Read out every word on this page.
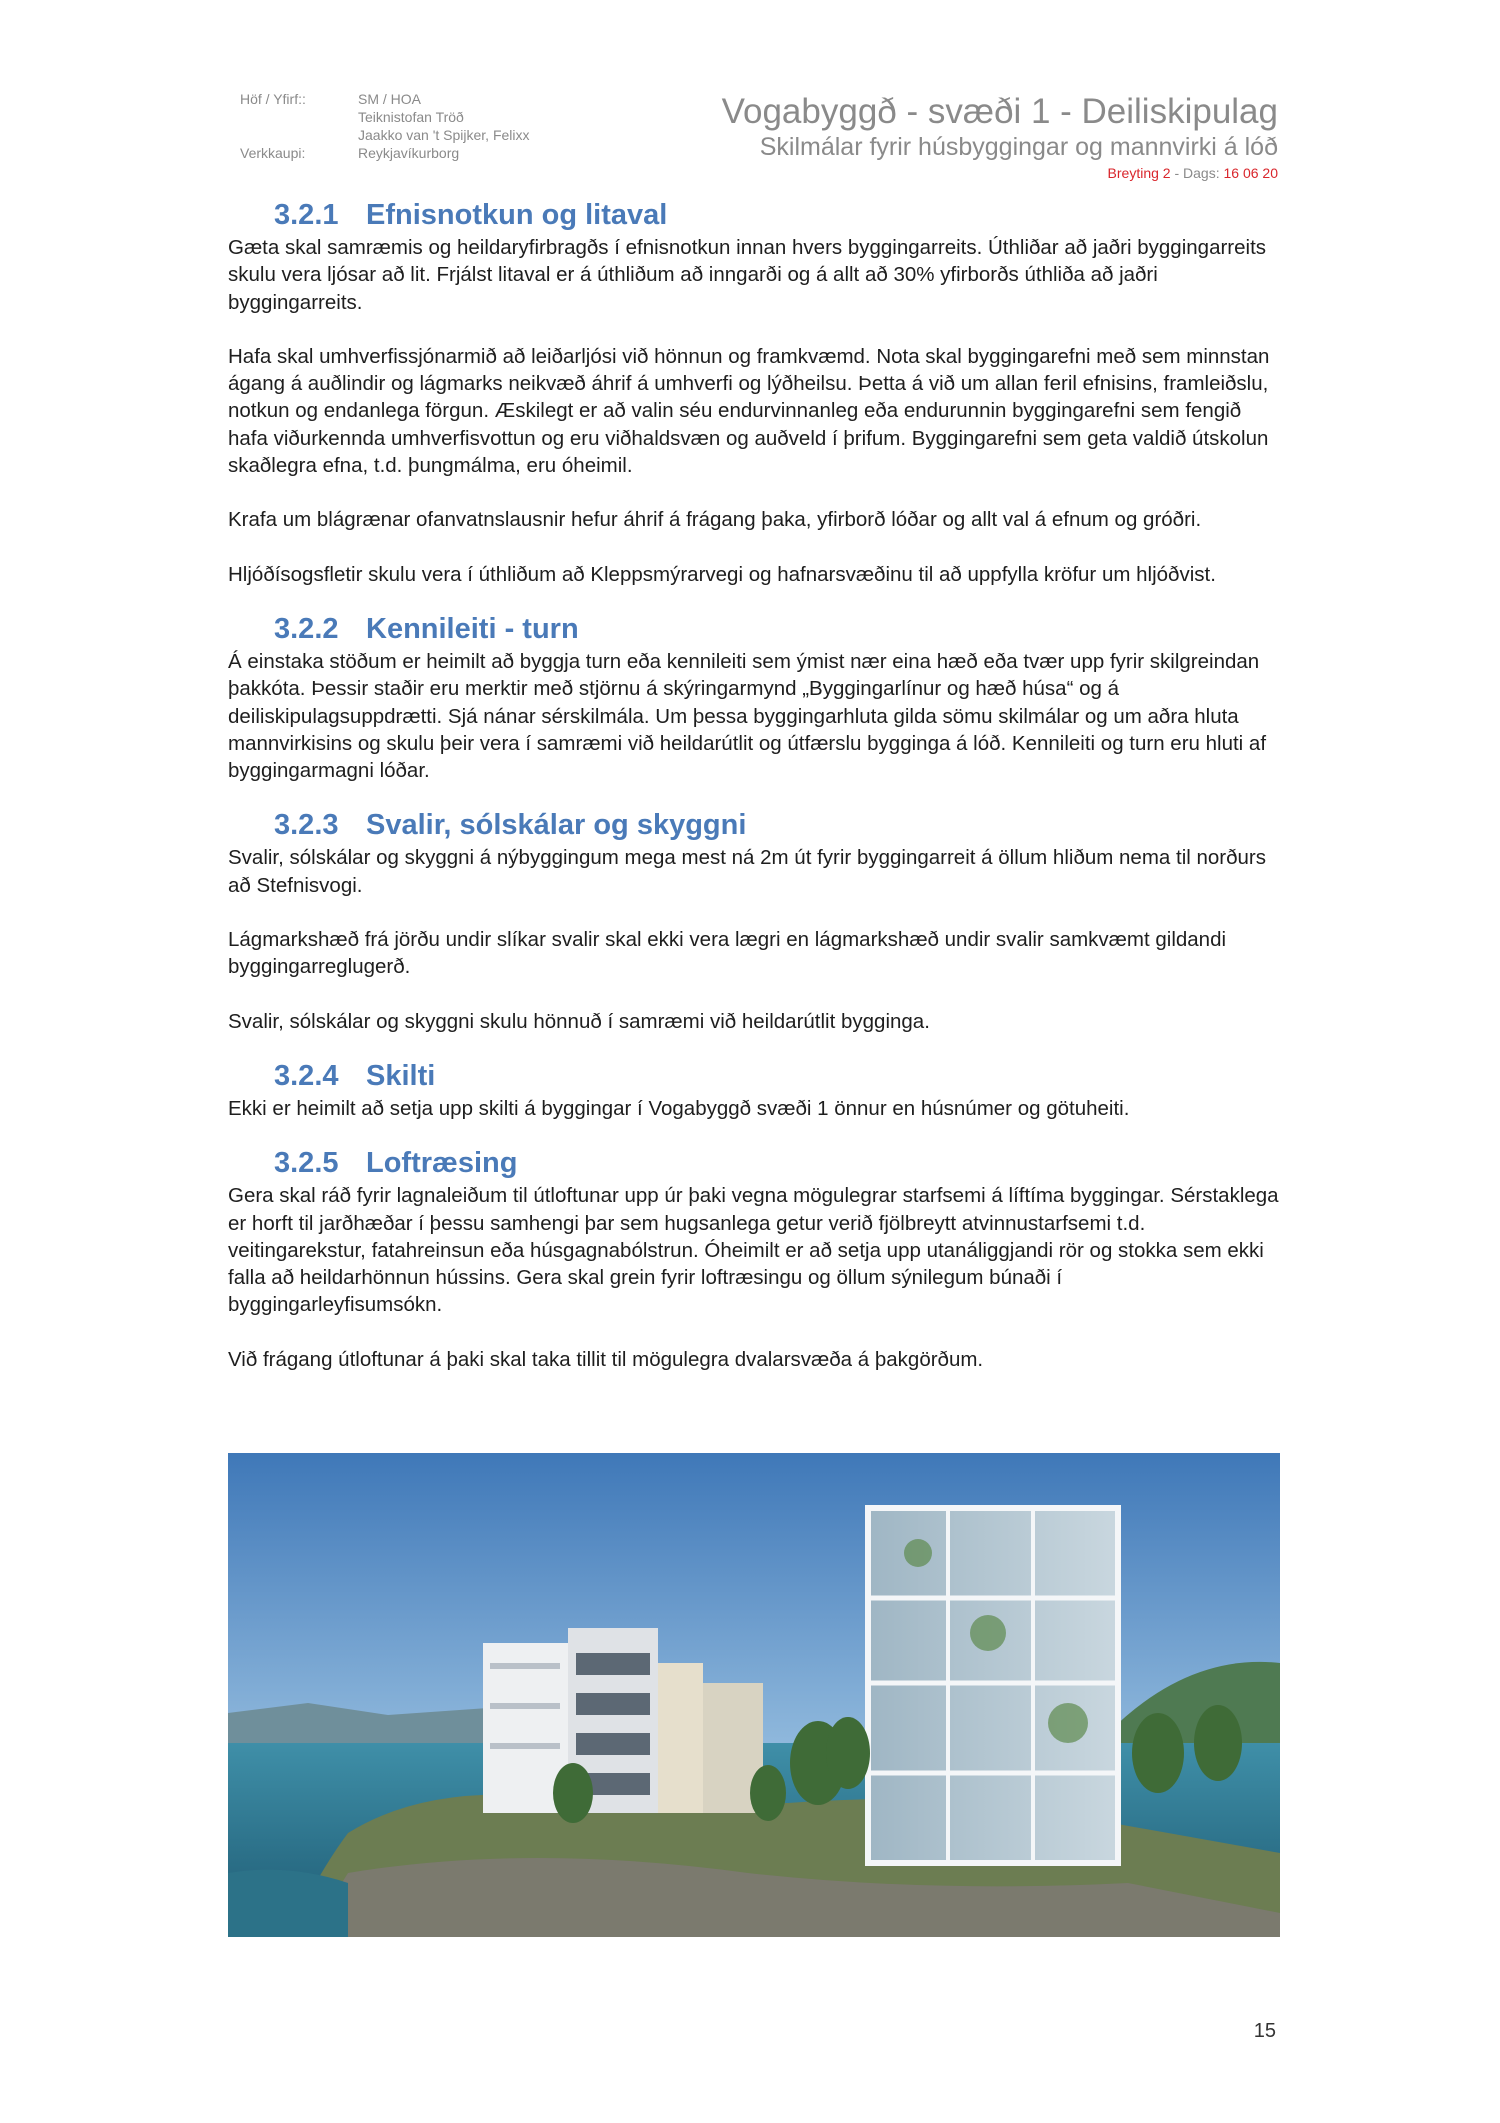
Höf / Yfirf::
Verkkaupi:
SM / HOA
Teiknistofan Tröð
Jaakko van 't Spijker, Felixx
Reykjavíkurborg
Vogabyggð - svæði 1 - Deiliskipulag
Skilmálar fyrir húsbyggingar og mannvirki á lóð
Breyting 2 - Dags: 16 06 20
3.2.1 Efnisnotkun og litaval

Gæta skal samræmis og heildaryfirbragðs í efnisnotkun innan hvers byggingarreits. Úthliðar að jaðri byggingarreits skulu vera ljósar að lit. Frjálst litaval er á úthliðum að inngarði og á allt að 30% yfirborðs úthliða að jaðri byggingarreits.

Hafa skal umhverfissjónarmið að leiðarljósi við hönnun og framkvæmd. Nota skal byggingarefni með sem minnstan ágang á auðlindir og lágmarks neikvæð áhrif á umhverfi og lýðheilsu. Þetta á við um allan feril efnisins, framleiðslu, notkun og endanlega förgun. Æskilegt er að valin séu endurvinnanleg eða endurunnin byggingarefni sem fengið hafa viðurkennda umhverfisvottun og eru viðhaldsvæn og auðveld í þrifum. Byggingarefni sem geta valdið útskolun skaðlegra efna, t.d. þungmálma, eru óheimil.

Krafa um blágrænar ofanvatnslausnir hefur áhrif á frágang þaka, yfirborð lóðar og allt val á efnum og gróðri.

Hljóðísogsfletir skulu vera í úthliðum að Kleppsmýrarvegi og hafnarsvæðinu til að uppfylla kröfur um hljóðvist.

3.2.2 Kennileiti - turn

Á einstaka stöðum er heimilt að byggja turn eða kennileiti sem ýmist nær eina hæð eða tvær upp fyrir skilgreindan þakkóta. Þessir staðir eru merktir með stjörnu á skýringarmynd „Byggingarlínur og hæð húsa“ og á deiliskipulagsuppdrætti. Sjá nánar sérskilmála. Um þessa byggingarhluta gilda sömu skilmálar og um aðra hluta mannvirkisins og skulu þeir vera í samræmi við heildarútlit og útfærslu bygginga á lóð. Kennileiti og turn eru hluti af byggingarmagni lóðar.

3.2.3 Svalir, sólskálar og skyggni

Svalir, sólskálar og skyggni á nýbyggingum mega mest ná 2m út fyrir byggingarreit á öllum hliðum nema til norðurs að Stefnisvogi.

Lágmarkshæð frá jörðu undir slíkar svalir skal ekki vera lægri en lágmarkshæð undir svalir samkvæmt gildandi byggingarreglugerð.

Svalir, sólskálar og skyggni skulu hönnuð í samræmi við heildarútlit bygginga.

3.2.4 Skilti

Ekki er heimilt að setja upp skilti á byggingar í Vogabyggð svæði 1 önnur en húsnúmer og götuheiti.

3.2.5 Loftræsing

Gera skal ráð fyrir lagnaleiðum til útloftunar upp úr þaki vegna mögulegrar starfsemi á líftíma byggingar. Sérstaklega er horft til jarðhæðar í þessu samhengi þar sem hugsanlega getur verið fjölbreytt atvinnustarfsemi t.d. veitingarekstur, fatahreinsun eða húsgagnabólstrun. Óheimilt er að setja upp utanáliggjandi rör og stokka sem ekki falla að heildarhönnun hússins. Gera skal grein fyrir loftræsingu og öllum sýnilegum búnaði í byggingarleyfisumsókn.

Við frágang útloftunar á þaki skal taka tillit til mögulegra dvalarsvæða á þakgörðum.

15
